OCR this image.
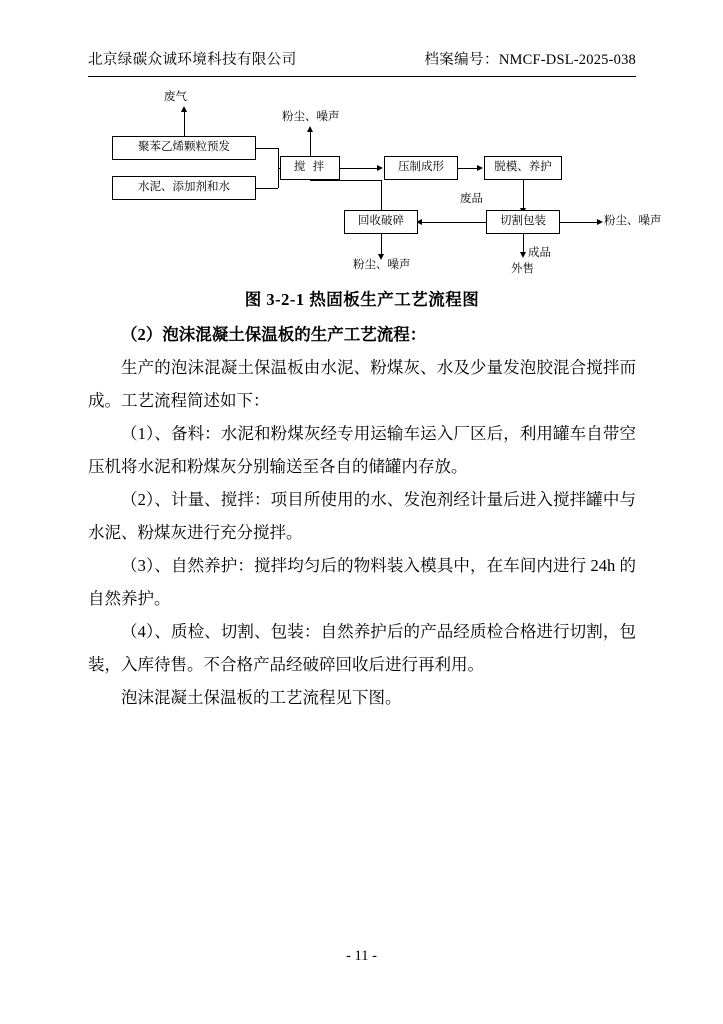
北京绿碳众诚环境科技有限公司	档案编号：NMCF-DSL-2025-038
废气
粉尘、噪声
聚苯乙烯颗粒预发
水泥、添加剂和水
搅 拌	压制成形	脱模、养护
切割包装
废品
回收破碎
粉尘、噪声
粉尘、噪声
成品
外售
图 3-2-1 热固板生产工艺流程图

（2）泡沫混凝土保温板的生产工艺流程：

生产的泡沫混凝土保温板由水泥、粉煤灰、水及少量发泡胶混合搅拌而成。工艺流程简述如下：

（1）、备料：水泥和粉煤灰经专用运输车运入厂区后，利用罐车自带空压机将水泥和粉煤灰分别输送至各自的储罐内存放。

（2）、计量、搅拌：项目所使用的水、发泡剂经计量后进入搅拌罐中与水泥、粉煤灰进行充分搅拌。

（3）、自然养护：搅拌均匀后的物料装入模具中，在车间内进行 24h 的自然养护。

（4）、质检、切割、包装：自然养护后的产品经质检合格进行切割，包装，入库待售。不合格产品经破碎回收后进行再利用。

泡沫混凝土保温板的工艺流程见下图。

- 11 -
